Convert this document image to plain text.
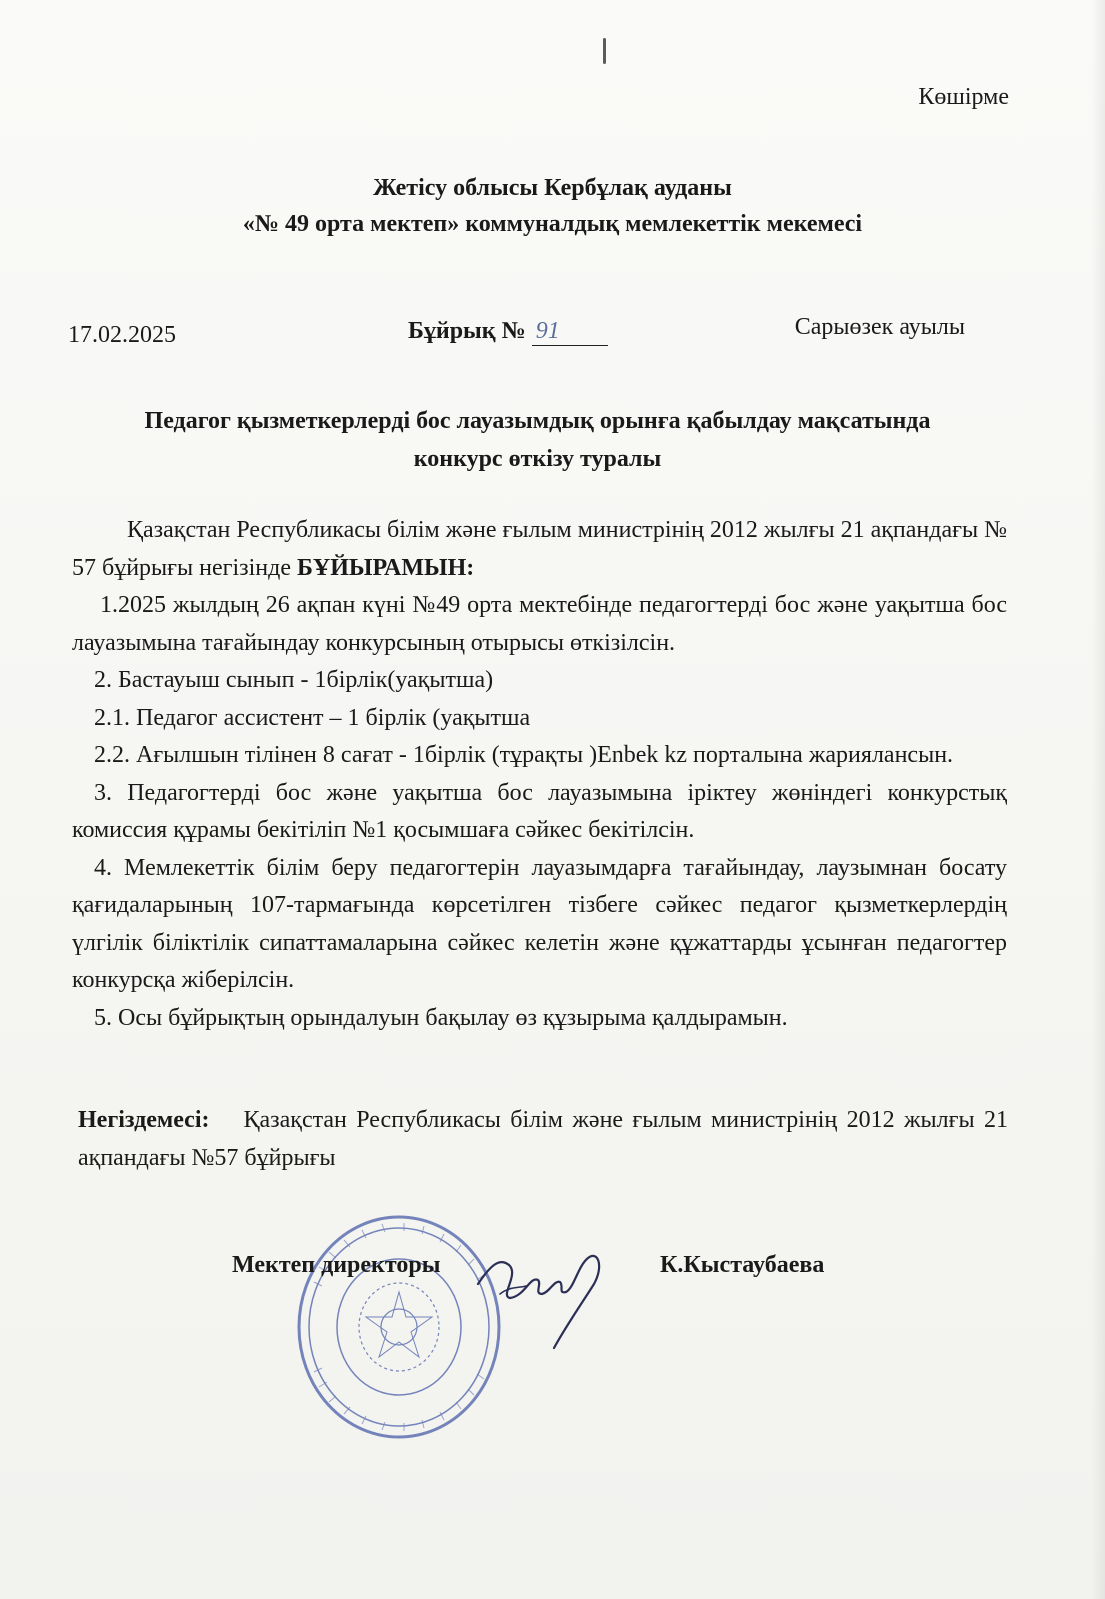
Көшірме
Жетісу облысы Кербұлақ ауданы
«№ 49 орта мектеп» коммуналдық мемлекеттік мекемесі
17.02.2025	Бұйрық № 91	Сарыөзек ауылы
Педагог қызметкерлерді бос лауазымдық орынға қабылдау мақсатында
конкурс өткізу туралы

Қазақстан Республикасы білім және ғылым министрінің 2012 жылғы 21 ақпандағы № 57 бұйрығы негізінде БҰЙЫРАМЫН:

1.2025 жылдың 26 ақпан күні №49 орта мектебінде педагогтерді бос және уақытша бос лауазымына тағайындау конкурсының отырысы өткізілсін.

2. Бастауыш сынып - 1бірлік(уақытша)

2.1. Педагог ассистент – 1 бірлік (уақытша

2.2. Ағылшын тілінен 8 сағат - 1бірлік (тұрақты )Enbek kz порталына жариялансын.

3. Педагогтерді бос және уақытша бос лауазымына іріктеу жөніндегі конкурстық комиссия құрамы бекітіліп №1 қосымшаға сәйкес бекітілсін.

4. Мемлекеттік білім беру педагогтерін лауазымдарға тағайындау, лаузымнан босату қағидаларының 107-тармағында көрсетілген тізбеге сәйкес педагог қызметкерлердің үлгілік біліктілік сипаттамаларына сәйкес келетін және құжаттарды ұсынған педагогтер конкурсқа жіберілсін.

5. Осы бұйрықтың орындалуын бақылау өз құзырыма қалдырамын.

Негіздемесі: Қазақстан Республикасы білім және ғылым министрінің 2012 жылғы 21 ақпандағы №57 бұйрығы
Мектеп директоры	К.Кыстаубаева
